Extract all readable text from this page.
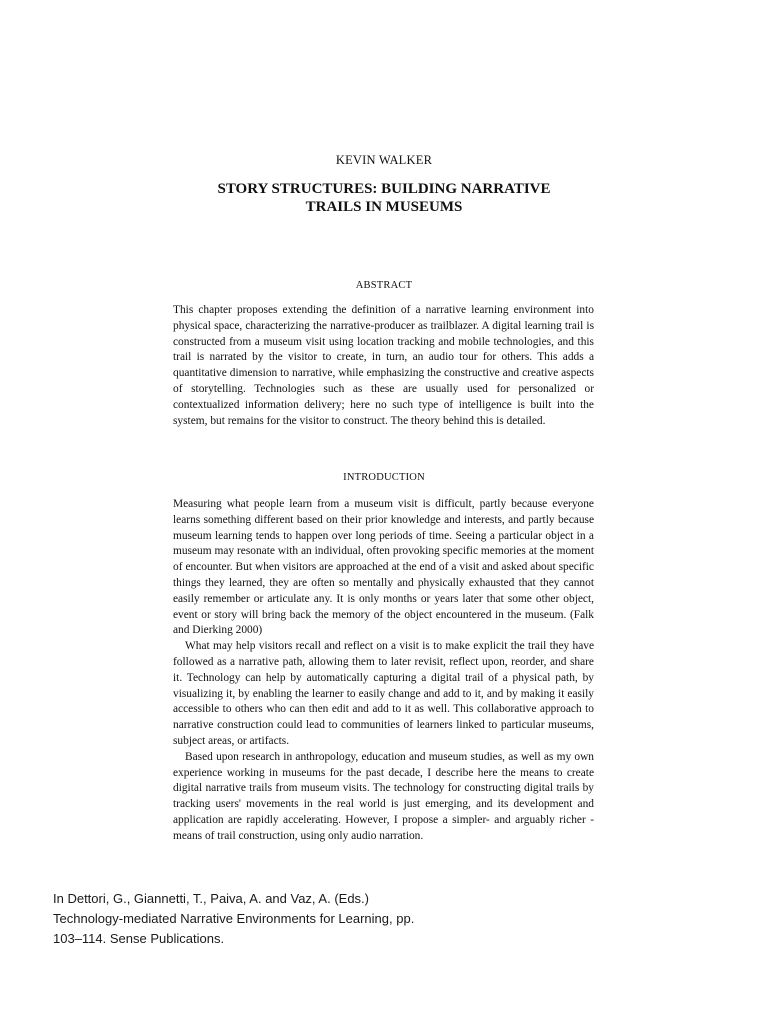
KEVIN WALKER
STORY STRUCTURES: BUILDING NARRATIVE
TRAILS IN MUSEUMS
ABSTRACT
This chapter proposes extending the definition of a narrative learning environment into physical space, characterizing the narrative-producer as trailblazer. A digital learning trail is constructed from a museum visit using location tracking and mobile technologies, and this trail is narrated by the visitor to create, in turn, an audio tour for others. This adds a quantitative dimension to narrative, while emphasizing the constructive and creative aspects of storytelling. Technologies such as these are usually used for personalized or contextualized information delivery; here no such type of intelligence is built into the system, but remains for the visitor to construct. The theory behind this is detailed.
INTRODUCTION

Measuring what people learn from a museum visit is difficult, partly because everyone learns something different based on their prior knowledge and interests, and partly because museum learning tends to happen over long periods of time. Seeing a particular object in a museum may resonate with an individual, often provoking specific memories at the moment of encounter. But when visitors are approached at the end of a visit and asked about specific things they learned, they are often so mentally and physically exhausted that they cannot easily remember or articulate any. It is only months or years later that some other object, event or story will bring back the memory of the object encountered in the museum. (Falk and Dierking 2000)

What may help visitors recall and reflect on a visit is to make explicit the trail they have followed as a narrative path, allowing them to later revisit, reflect upon, reorder, and share it. Technology can help by automatically capturing a digital trail of a physical path, by visualizing it, by enabling the learner to easily change and add to it, and by making it easily accessible to others who can then edit and add to it as well. This collaborative approach to narrative construction could lead to communities of learners linked to particular museums, subject areas, or artifacts.

Based upon research in anthropology, education and museum studies, as well as my own experience working in museums for the past decade, I describe here the means to create digital narrative trails from museum visits. The technology for constructing digital trails by tracking users' movements in the real world is just emerging, and its development and application are rapidly accelerating. However, I propose a simpler- and arguably richer - means of trail construction, using only audio narration.

In Dettori, G., Giannetti, T., Paiva, A. and Vaz, A. (Eds.)
Technology-mediated Narrative Environments for Learning, pp.
103–114. Sense Publications.
